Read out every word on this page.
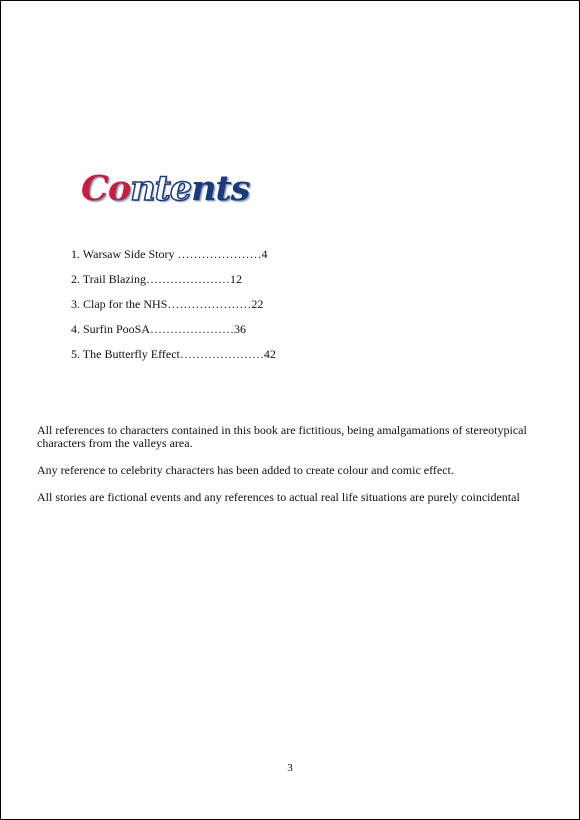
Contents
1. Warsaw Side Story …………………4
2. Trail Blazing…………………12
3. Clap for the NHS…………………22
4. Surfin PooSA…………………36
5. The Butterfly Effect…………………42

All references to characters contained in this book are fictitious, being amalgamations of stereotypical characters from the valleys area.

Any reference to celebrity characters has been added to create colour and comic effect.

All stories are fictional events and any references to actual real life situations are purely coincidental

3
